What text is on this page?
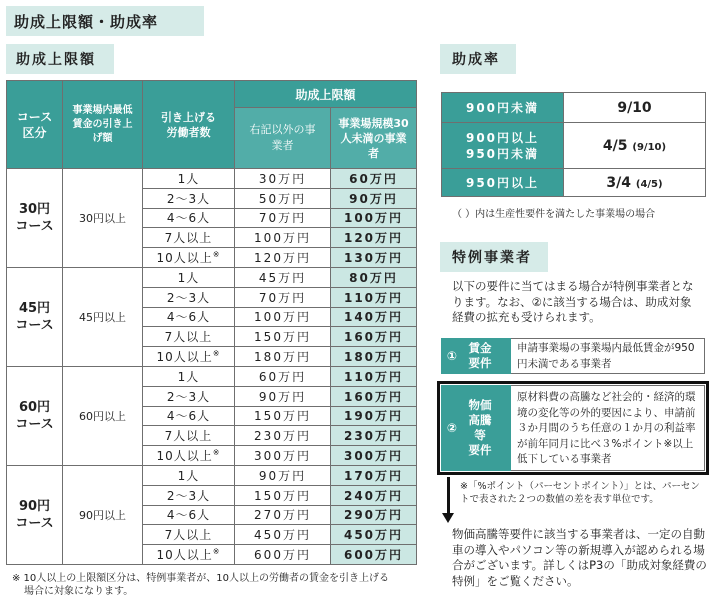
助成上限額・助成率
助成上限額
コース区分	事業場内最低賃金の引き上げ額	引き上げる労働者数	助成上限額	
			右記以外の事業者	事業場規模30人未満の事業者

30円
コース	30円以上	1人	30万円	60万円
		2～3人	50万円	90万円
		4～6人	70万円	100万円
		7人以上	100万円	120万円
		10人以上※	120万円	130万円

45円
コース	45円以上	1人	45万円	80万円
		2～3人	70万円	110万円
		4～6人	100万円	140万円
		7人以上	150万円	160万円
		10人以上※	180万円	180万円

60円
コース	60円以上	1人	60万円	110万円
		2～3人	90万円	160万円
		4～6人	150万円	190万円
		7人以上	230万円	230万円
		10人以上※	300万円	300万円

90円
コース	90円以上	1人	90万円	170万円
		2～3人	150万円	240万円
		4～6人	270万円	290万円
		7人以上	450万円	450万円
		10人以上※	600万円	600万円
※ 10人以上の上限額区分は、特例事業者が、10人以上の労働者の賃金を引き上げる
場合に対象になります。
助成率
900円未満	9/10

900円以上
950円未満	4/5 (9/10)
950円以上	3/4 (4/5)
（ ）内は生産性要件を満たした事業場の場合
特例事業者
以下の要件に当てはまる場合が特例事業者となります。なお、②に該当する場合は、助成対象経費の拡充も受けられます。
①
賃金
要件
申請事業場の事業場内最低賃金が950円未満である事業者
②
物価
高騰等
要件
原材料費の高騰など社会的・経済的環境の変化等の外的要因により、申請前３か月間のうち任意の１か月の利益率が前年同月に比べ３%ポイント※以上低下している事業者
※「%ポイント（パーセントポイント）」とは、パーセントで表された２つの数値の差を表す単位です。
物価高騰等要件に該当する事業者は、一定の自動車の導入やパソコン等の新規導入が認められる場合がございます。詳しくはP3の「助成対象経費の特例」をご覧ください。
